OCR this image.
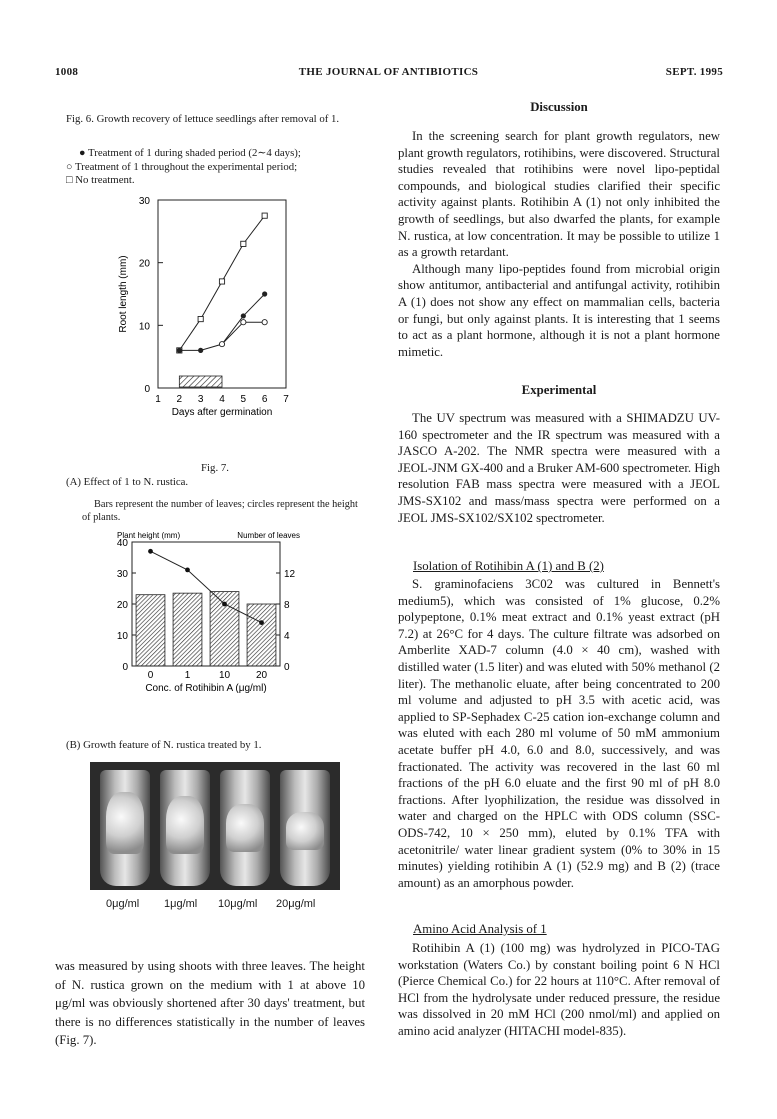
1008	THE JOURNAL OF ANTIBIOTICS	SEPT. 1995
Fig. 6. Growth recovery of lettuce seedlings after removal of 1.
● Treatment of 1 during shaded period (2∼4 days);
○ Treatment of 1 throughout the experimental period;
□ No treatment.
0
10
20
30
1 2 3 4 5 6 7
Days after germination
Root length (mm)
Fig. 7.
(A) Effect of 1 to N. rustica.
Bars represent the number of leaves; circles represent the height of plants.
Plant height (mm)	Number of leaves
0
10
20
30
40
0
4
8
12
0	1	10	20
Conc. of Rotihibin A (μg/ml)
(B) Growth feature of N. rustica treated by 1.
0μg/ml 1μg/ml 10μg/ml 20μg/ml
was measured by using shoots with three leaves. The height of N. rustica grown on the medium with 1 at above 10 μg/ml was obviously shortened after 30 days' treatment, but there is no differences statistically in the number of leaves (Fig. 7).
Discussion

In the screening search for plant growth regulators, new plant growth regulators, rotihibins, were discovered. Structural studies revealed that rotihibins were novel lipo-peptidal compounds, and biological studies clarified their specific activity against plants. Rotihibin A (1) not only inhibited the growth of seedlings, but also dwarfed the plants, for example N. rustica, at low concentration. It may be possible to utilize 1 as a growth retardant.

Although many lipo-peptides found from microbial origin show antitumor, antibacterial and antifungal activity, rotihibin A (1) does not show any effect on mammalian cells, bacteria or fungi, but only against plants. It is interesting that 1 seems to act as a plant hormone, although it is not a plant hormone mimetic.

Experimental

The UV spectrum was measured with a SHIMADZU UV-160 spectrometer and the IR spectrum was measured with a JASCO A-202. The NMR spectra were measured with a JEOL-JNM GX-400 and a Bruker AM-600 spectrometer. High resolution FAB mass spectra were measured with a JEOL JMS-SX102 and mass/mass spectra were performed on a JEOL JMS-SX102/SX102 spectrometer.

Isolation of Rotihibin A (1) and B (2)

S. graminofaciens 3C02 was cultured in Bennett's medium5), which was consisted of 1% glucose, 0.2% polypeptone, 0.1% meat extract and 0.1% yeast extract (pH 7.2) at 26°C for 4 days. The culture filtrate was adsorbed on Amberlite XAD-7 column (4.0 × 40 cm), washed with distilled water (1.5 liter) and was eluted with 50% methanol (2 liter). The methanolic eluate, after being concentrated to 200 ml volume and adjusted to pH 3.5 with acetic acid, was applied to SP-Sephadex C-25 cation ion-exchange column and was eluted with each 280 ml volume of 50 mM ammonium acetate buffer pH 4.0, 6.0 and 8.0, successively, and was fractionated. The activity was recovered in the last 60 ml fractions of the pH 6.0 eluate and the first 90 ml of pH 8.0 fractions. After lyophilization, the residue was dissolved in water and charged on the HPLC with ODS column (SSC-ODS-742, 10 × 250 mm), eluted by 0.1% TFA with acetonitrile/ water linear gradient system (0% to 30% in 15 minutes) yielding rotihibin A (1) (52.9 mg) and B (2) (trace amount) as an amorphous powder.

Amino Acid Analysis of 1

Rotihibin A (1) (100 mg) was hydrolyzed in PICO-TAG workstation (Waters Co.) by constant boiling point 6 N HCl (Pierce Chemical Co.) for 22 hours at 110°C. After removal of HCl from the hydrolysate under reduced pressure, the residue was dissolved in 20 mM HCl (200 nmol/ml) and applied on amino acid analyzer (HITACHI model-835).
